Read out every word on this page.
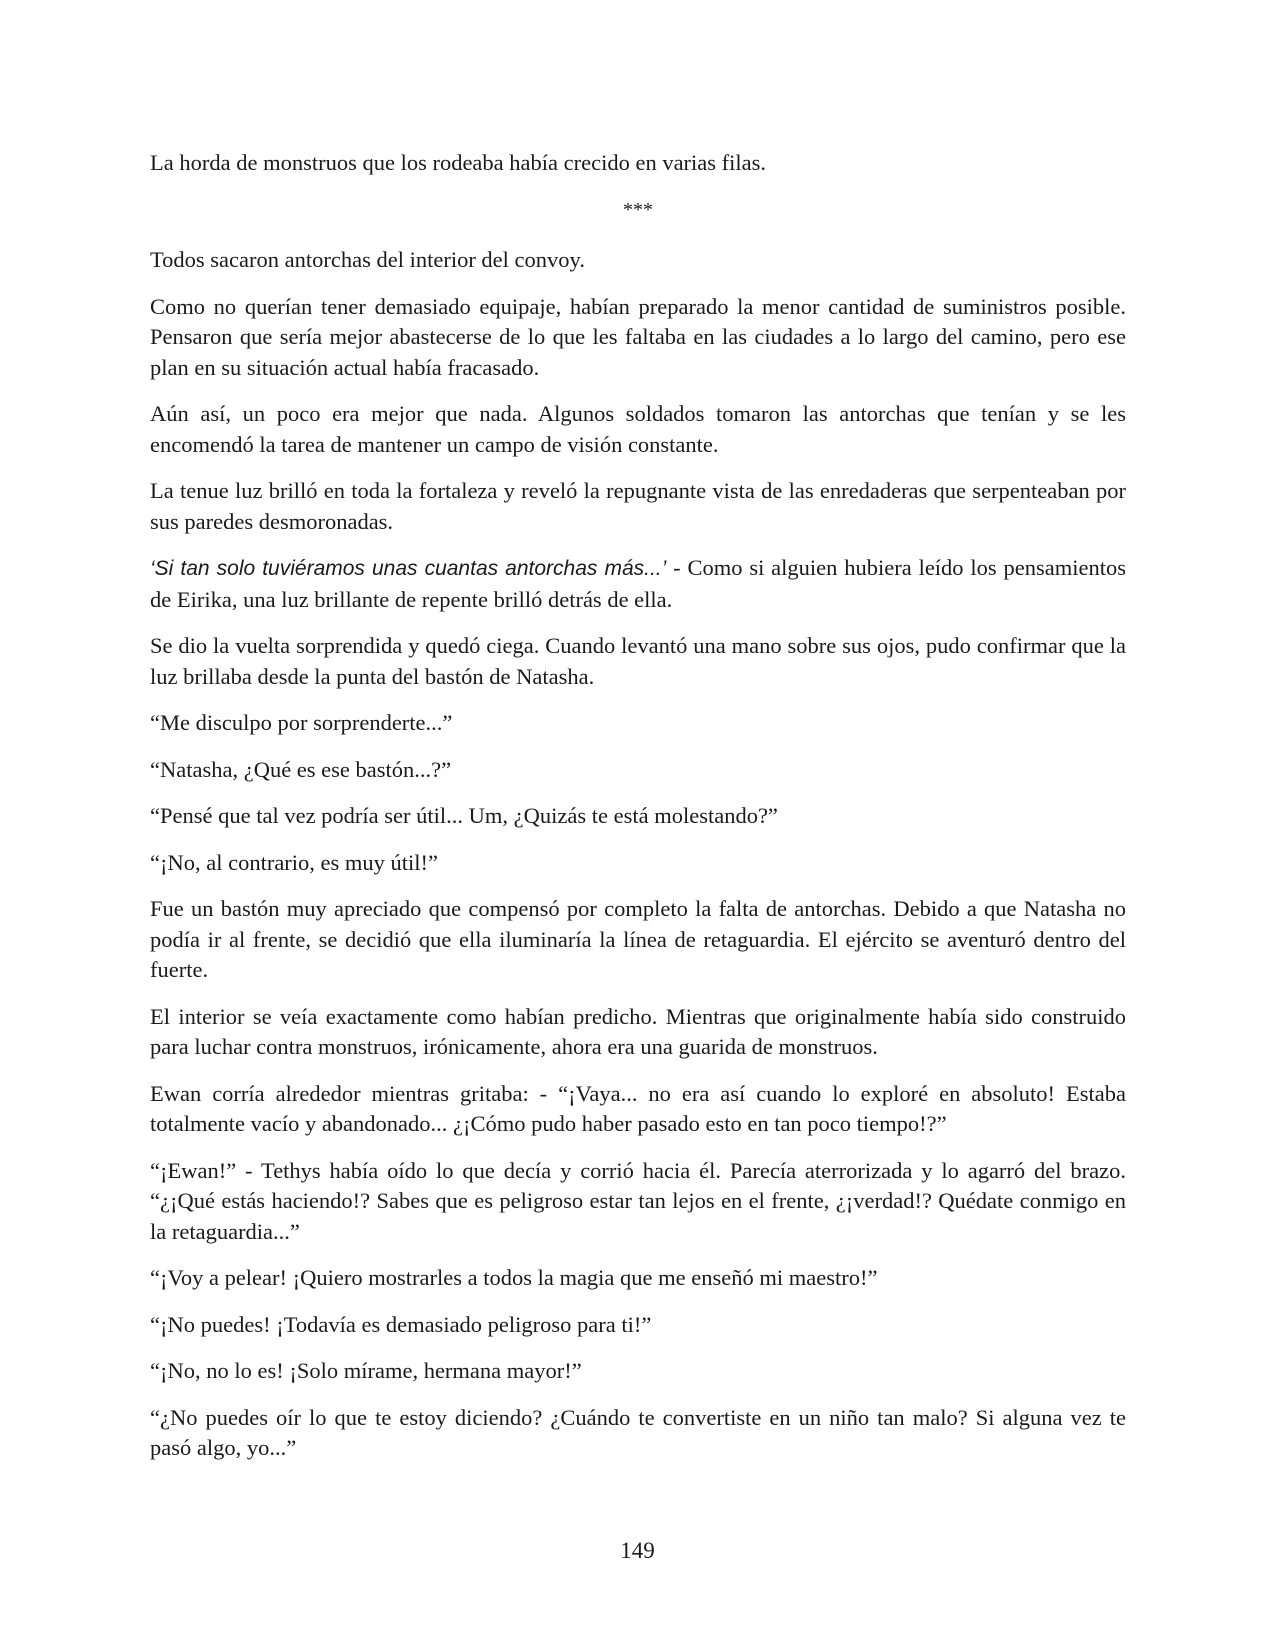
La horda de monstruos que los rodeaba había crecido en varias filas.

***

Todos sacaron antorchas del interior del convoy.

Como no querían tener demasiado equipaje, habían preparado la menor cantidad de suministros posible. Pensaron que sería mejor abastecerse de lo que les faltaba en las ciudades a lo largo del camino, pero ese plan en su situación actual había fracasado.

Aún así, un poco era mejor que nada. Algunos soldados tomaron las antorchas que tenían y se les encomendó la tarea de mantener un campo de visión constante.

La tenue luz brilló en toda la fortaleza y reveló la repugnante vista de las enredaderas que serpenteaban por sus paredes desmoronadas.

‘Si tan solo tuviéramos unas cuantas antorchas más...’ - Como si alguien hubiera leído los pensamientos de Eirika, una luz brillante de repente brilló detrás de ella.

Se dio la vuelta sorprendida y quedó ciega. Cuando levantó una mano sobre sus ojos, pudo confirmar que la luz brillaba desde la punta del bastón de Natasha.

“Me disculpo por sorprenderte...”

“Natasha, ¿Qué es ese bastón...?”

“Pensé que tal vez podría ser útil... Um, ¿Quizás te está molestando?”

“¡No, al contrario, es muy útil!”

Fue un bastón muy apreciado que compensó por completo la falta de antorchas. Debido a que Natasha no podía ir al frente, se decidió que ella iluminaría la línea de retaguardia. El ejército se aventuró dentro del fuerte.

El interior se veía exactamente como habían predicho. Mientras que originalmente había sido construido para luchar contra monstruos, irónicamente, ahora era una guarida de monstruos.

Ewan corría alrededor mientras gritaba: - “¡Vaya... no era así cuando lo exploré en absoluto! Estaba totalmente vacío y abandonado... ¿¡Cómo pudo haber pasado esto en tan poco tiempo!?”

“¡Ewan!” - Tethys había oído lo que decía y corrió hacia él. Parecía aterrorizada y lo agarró del brazo. “¿¡Qué estás haciendo!? Sabes que es peligroso estar tan lejos en el frente, ¿¡verdad!? Quédate conmigo en la retaguardia...”

“¡Voy a pelear! ¡Quiero mostrarles a todos la magia que me enseñó mi maestro!”

“¡No puedes! ¡Todavía es demasiado peligroso para ti!”

“¡No, no lo es! ¡Solo mírame, hermana mayor!”

“¿No puedes oír lo que te estoy diciendo? ¿Cuándo te convertiste en un niño tan malo? Si alguna vez te pasó algo, yo...”

149
